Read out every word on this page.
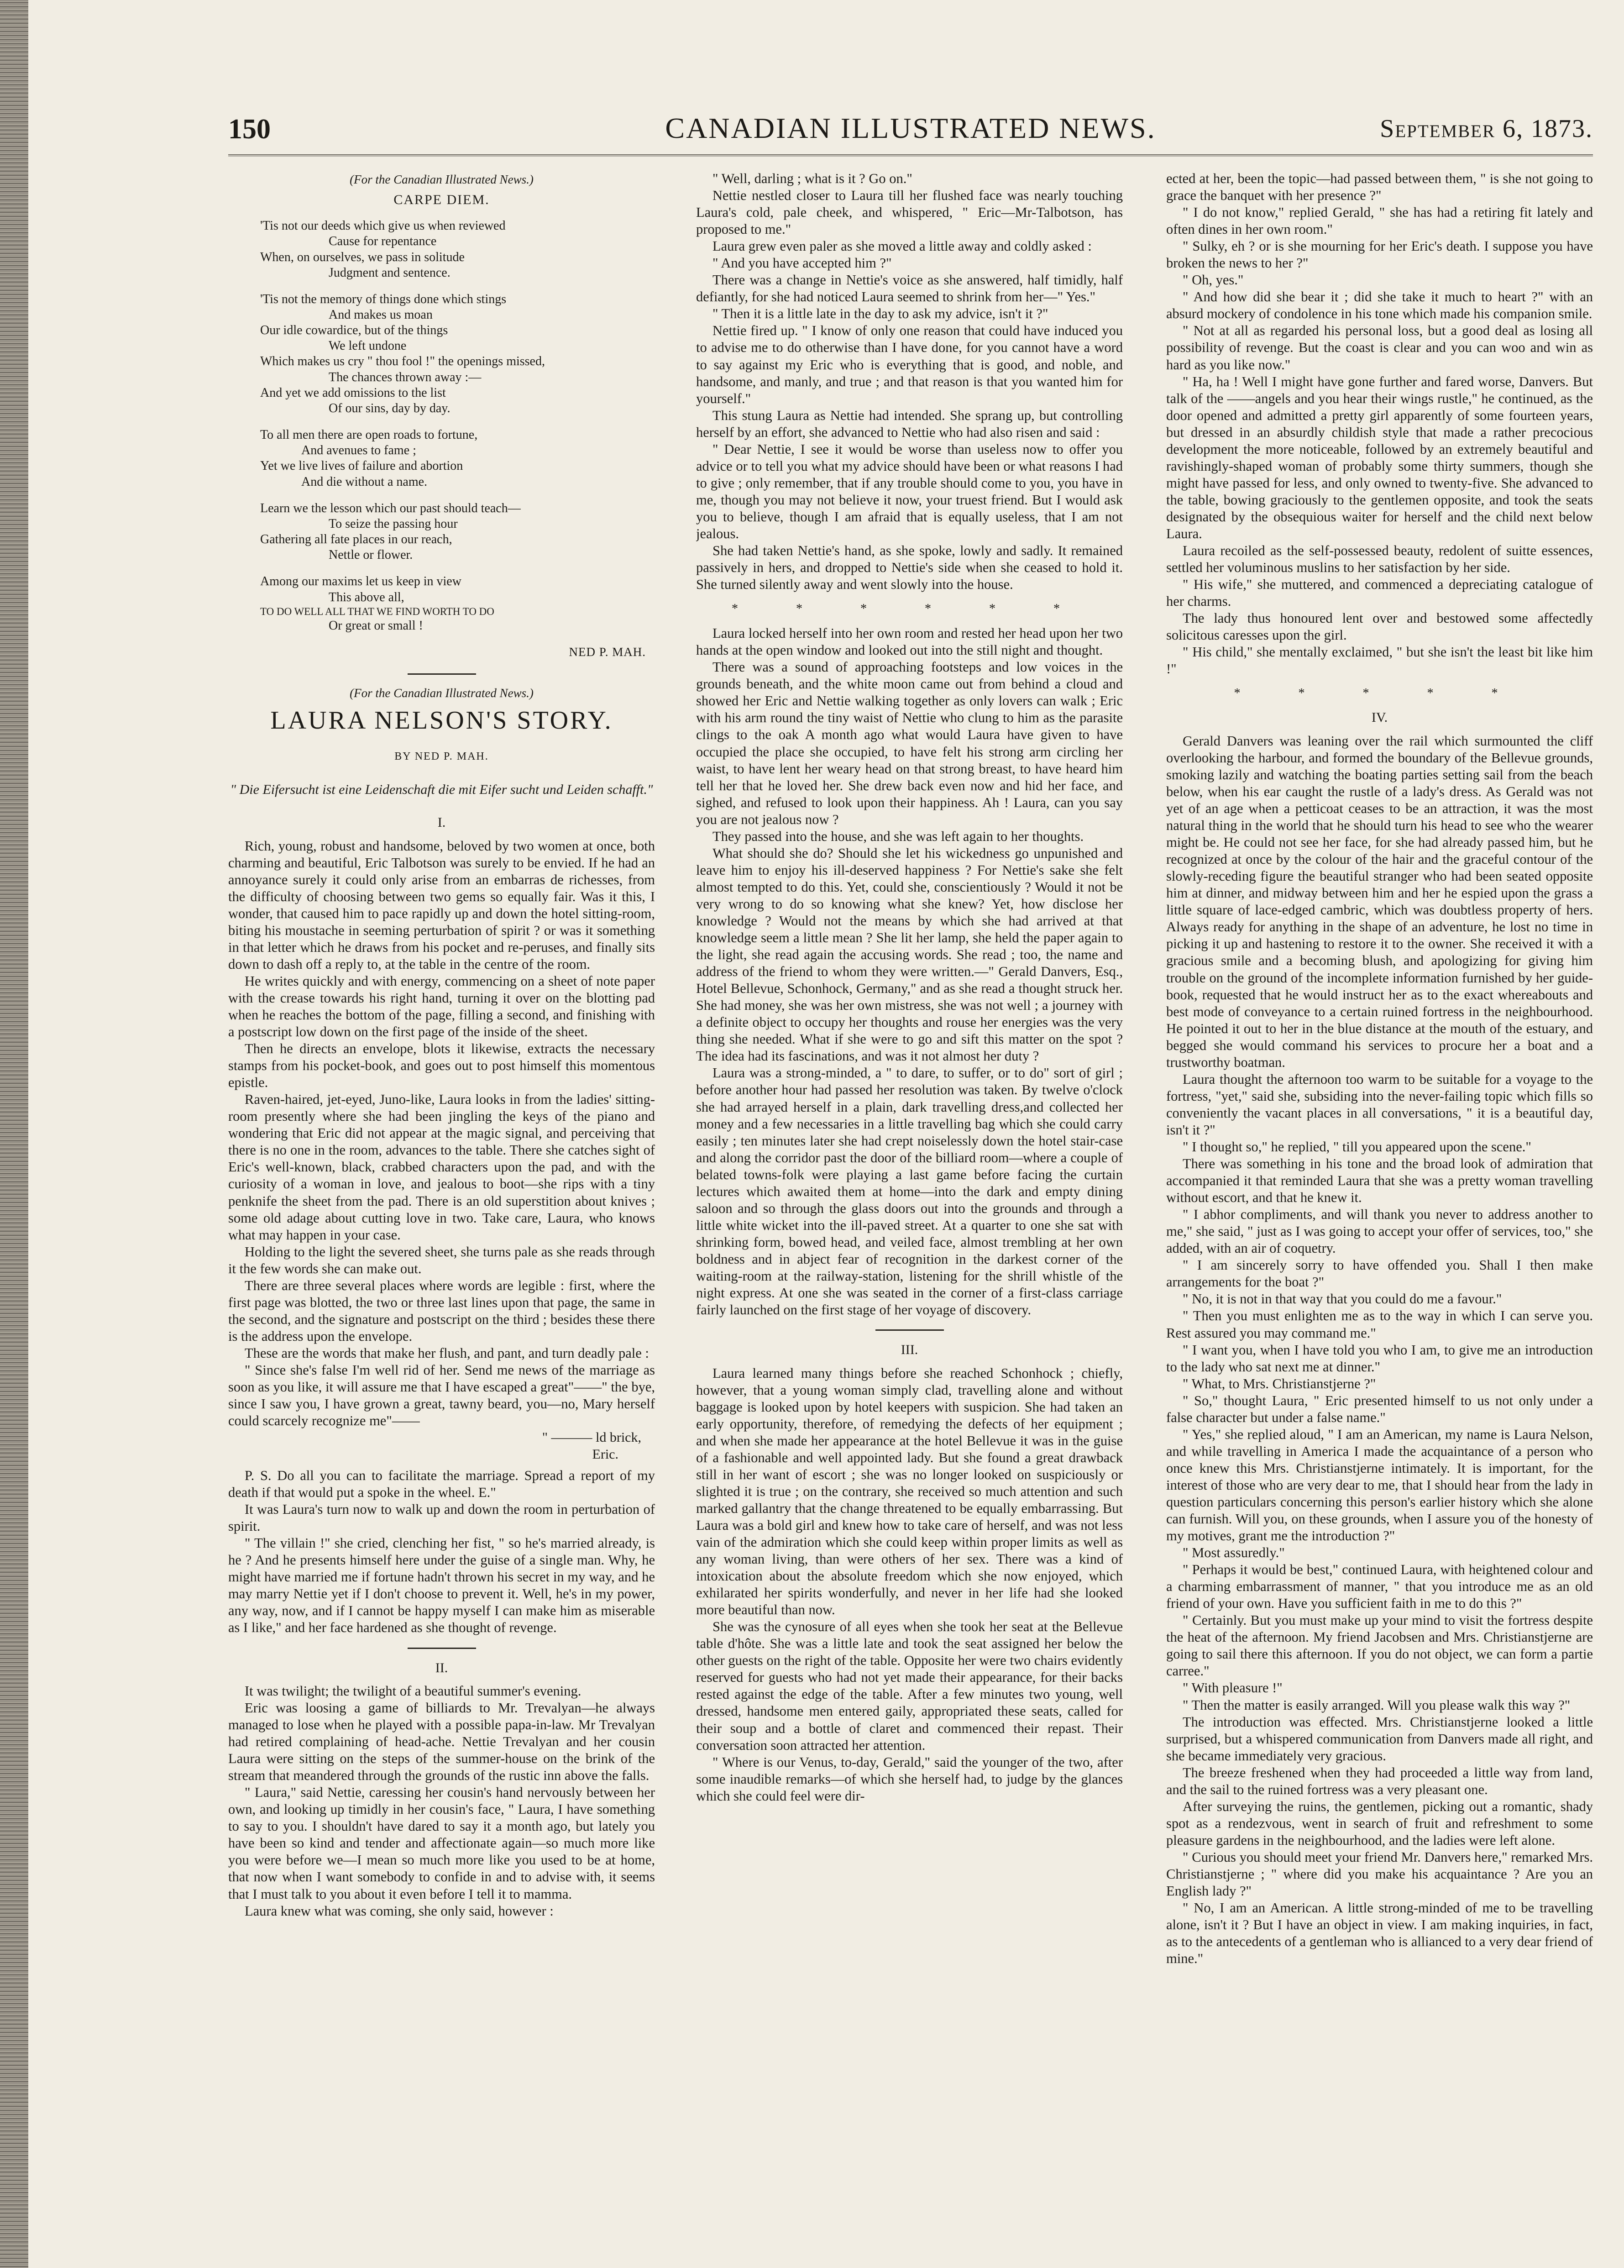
150	CANADIAN ILLUSTRATED NEWS.	September 6, 1873.
(For the Canadian Illustrated News.)
CARPE DIEM.
'Tis not our deeds which give us when reviewed
Cause for repentance
When, on ourselves, we pass in solitude
Judgment and sentence.
'Tis not the memory of things done which stings
And makes us moan
Our idle cowardice, but of the things
We left undone
Which makes us cry " thou fool !" the openings missed,
The chances thrown away :—
And yet we add omissions to the list
Of our sins, day by day.
To all men there are open roads to fortune,
And avenues to fame ;
Yet we live lives of failure and abortion
And die without a name.
Learn we the lesson which our past should teach—
To seize the passing hour
Gathering all fate places in our reach,
Nettle or flower.
Among our maxims let us keep in view
This above all,
TO DO WELL ALL THAT WE FIND WORTH TO DO
Or great or small !
NED P. MAH.
(For the Canadian Illustrated News.)
LAURA NELSON'S STORY.
BY NED P. MAH.
" Die Eifersucht ist eine Leidenschaft die mit Eifer sucht und Leiden schafft."
I.

Rich, young, robust and handsome, beloved by two women at once, both charming and beautiful, Eric Talbotson was surely to be envied. If he had an annoyance surely it could only arise from an embarras de richesses, from the difficulty of choosing between two gems so equally fair. Was it this, I wonder, that caused him to pace rapidly up and down the hotel sitting-room, biting his moustache in seeming perturbation of spirit ? or was it something in that letter which he draws from his pocket and re-peruses, and finally sits down to dash off a reply to, at the table in the centre of the room.

He writes quickly and with energy, commencing on a sheet of note paper with the crease towards his right hand, turning it over on the blotting pad when he reaches the bottom of the page, filling a second, and finishing with a postscript low down on the first page of the inside of the sheet.

Then he directs an envelope, blots it likewise, extracts the necessary stamps from his pocket-book, and goes out to post himself this momentous epistle.

Raven-haired, jet-eyed, Juno-like, Laura looks in from the ladies' sitting-room presently where she had been jingling the keys of the piano and wondering that Eric did not appear at the magic signal, and perceiving that there is no one in the room, advances to the table. There she catches sight of Eric's well-known, black, crabbed characters upon the pad, and with the curiosity of a woman in love, and jealous to boot—she rips with a tiny penknife the sheet from the pad. There is an old superstition about knives ; some old adage about cutting love in two. Take care, Laura, who knows what may happen in your case.

Holding to the light the severed sheet, she turns pale as she reads through it the few words she can make out.

There are three several places where words are legible : first, where the first page was blotted, the two or three last lines upon that page, the same in the second, and the signature and postscript on the third ; besides these there is the address upon the envelope.

These are the words that make her flush, and pant, and turn deadly pale :

" Since she's false I'm well rid of her. Send me news of the marriage as soon as you like, it will assure me that I have escaped a great"——" the bye, since I saw you, I have grown a great, tawny beard, you—no, Mary herself could scarcely recognize me"——

" ——— ld brick,
Eric.

P. S. Do all you can to facilitate the marriage. Spread a report of my death if that would put a spoke in the wheel. E."

It was Laura's turn now to walk up and down the room in perturbation of spirit.

" The villain !" she cried, clenching her fist, " so he's married already, is he ? And he presents himself here under the guise of a single man. Why, he might have married me if fortune hadn't thrown his secret in my way, and he may marry Nettie yet if I don't choose to prevent it. Well, he's in my power, any way, now, and if I cannot be happy myself I can make him as miserable as I like," and her face hardened as she thought of revenge.

II.

It was twilight; the twilight of a beautiful summer's evening.

Eric was loosing a game of billiards to Mr. Trevalyan—he always managed to lose when he played with a possible papa-in-law. Mr Trevalyan had retired complaining of head-ache. Nettie Trevalyan and her cousin Laura were sitting on the steps of the summer-house on the brink of the stream that meandered through the grounds of the rustic inn above the falls.

" Laura," said Nettie, caressing her cousin's hand nervously between her own, and looking up timidly in her cousin's face, " Laura, I have something to say to you. I shouldn't have dared to say it a month ago, but lately you have been so kind and tender and affectionate again—so much more like you were before we—I mean so much more like you used to be at home, that now when I want somebody to confide in and to advise with, it seems that I must talk to you about it even before I tell it to mamma.

Laura knew what was coming, she only said, however :

" Well, darling ; what is it ? Go on."

Nettie nestled closer to Laura till her flushed face was nearly touching Laura's cold, pale cheek, and whispered, " Eric—Mr-Talbotson, has proposed to me."

Laura grew even paler as she moved a little away and coldly asked :

" And you have accepted him ?"

There was a change in Nettie's voice as she answered, half timidly, half defiantly, for she had noticed Laura seemed to shrink from her—" Yes."

" Then it is a little late in the day to ask my advice, isn't it ?"

Nettie fired up. " I know of only one reason that could have induced you to advise me to do otherwise than I have done, for you cannot have a word to say against my Eric who is everything that is good, and noble, and handsome, and manly, and true ; and that reason is that you wanted him for yourself."

This stung Laura as Nettie had intended. She sprang up, but controlling herself by an effort, she advanced to Nettie who had also risen and said :

" Dear Nettie, I see it would be worse than useless now to offer you advice or to tell you what my advice should have been or what reasons I had to give ; only remember, that if any trouble should come to you, you have in me, though you may not believe it now, your truest friend. But I would ask you to believe, though I am afraid that is equally useless, that I am not jealous.

She had taken Nettie's hand, as she spoke, lowly and sadly. It remained passively in hers, and dropped to Nettie's side when she ceased to hold it. She turned silently away and went slowly into the house.

* * * * * *

Laura locked herself into her own room and rested her head upon her two hands at the open window and looked out into the still night and thought.

There was a sound of approaching footsteps and low voices in the grounds beneath, and the white moon came out from behind a cloud and showed her Eric and Nettie walking together as only lovers can walk ; Eric with his arm round the tiny waist of Nettie who clung to him as the parasite clings to the oak A month ago what would Laura have given to have occupied the place she occupied, to have felt his strong arm circling her waist, to have lent her weary head on that strong breast, to have heard him tell her that he loved her. She drew back even now and hid her face, and sighed, and refused to look upon their happiness. Ah ! Laura, can you say you are not jealous now ?

They passed into the house, and she was left again to her thoughts.

What should she do? Should she let his wickedness go unpunished and leave him to enjoy his ill-deserved happiness ? For Nettie's sake she felt almost tempted to do this. Yet, could she, conscientiously ? Would it not be very wrong to do so knowing what she knew? Yet, how disclose her knowledge ? Would not the means by which she had arrived at that knowledge seem a little mean ? She lit her lamp, she held the paper again to the light, she read again the accusing words. She read ; too, the name and address of the friend to whom they were written.—" Gerald Danvers, Esq., Hotel Bellevue, Schonhock, Germany," and as she read a thought struck her. She had money, she was her own mistress, she was not well ; a journey with a definite object to occupy her thoughts and rouse her energies was the very thing she needed. What if she were to go and sift this matter on the spot ? The idea had its fascinations, and was it not almost her duty ?

Laura was a strong-minded, a " to dare, to suffer, or to do" sort of girl ; before another hour had passed her resolution was taken. By twelve o'clock she had arrayed herself in a plain, dark travelling dress,and collected her money and a few necessaries in a little travelling bag which she could carry easily ; ten minutes later she had crept noiselessly down the hotel stair-case and along the corridor past the door of the billiard room—where a couple of belated towns-folk were playing a last game before facing the curtain lectures which awaited them at home—into the dark and empty dining saloon and so through the glass doors out into the grounds and through a little white wicket into the ill-paved street. At a quarter to one she sat with shrinking form, bowed head, and veiled face, almost trembling at her own boldness and in abject fear of recognition in the darkest corner of the waiting-room at the railway-station, listening for the shrill whistle of the night express. At one she was seated in the corner of a first-class carriage fairly launched on the first stage of her voyage of discovery.

III.

Laura learned many things before she reached Schonhock ; chiefly, however, that a young woman simply clad, travelling alone and without baggage is looked upon by hotel keepers with suspicion. She had taken an early opportunity, therefore, of remedying the defects of her equipment ; and when she made her appearance at the hotel Bellevue it was in the guise of a fashionable and well appointed lady. But she found a great drawback still in her want of escort ; she was no longer looked on suspiciously or slighted it is true ; on the contrary, she received so much attention and such marked gallantry that the change threatened to be equally embarrassing. But Laura was a bold girl and knew how to take care of herself, and was not less vain of the admiration which she could keep within proper limits as well as any woman living, than were others of her sex. There was a kind of intoxication about the absolute freedom which she now enjoyed, which exhilarated her spirits wonderfully, and never in her life had she looked more beautiful than now.

She was the cynosure of all eyes when she took her seat at the Bellevue table d'hôte. She was a little late and took the seat assigned her below the other guests on the right of the table. Opposite her were two chairs evidently reserved for guests who had not yet made their appearance, for their backs rested against the edge of the table. After a few minutes two young, well dressed, handsome men entered gaily, appropriated these seats, called for their soup and a bottle of claret and commenced their repast. Their conversation soon attracted her attention.

" Where is our Venus, to-day, Gerald," said the younger of the two, after some inaudible remarks—of which she herself had, to judge by the glances which she could feel were dir-

ected at her, been the topic—had passed between them, " is she not going to grace the banquet with her presence ?"

" I do not know," replied Gerald, " she has had a retiring fit lately and often dines in her own room."

" Sulky, eh ? or is she mourning for her Eric's death. I suppose you have broken the news to her ?"

" Oh, yes."

" And how did she bear it ; did she take it much to heart ?" with an absurd mockery of condolence in his tone which made his companion smile.

" Not at all as regarded his personal loss, but a good deal as losing all possibility of revenge. But the coast is clear and you can woo and win as hard as you like now."

" Ha, ha ! Well I might have gone further and fared worse, Danvers. But talk of the ——angels and you hear their wings rustle," he continued, as the door opened and admitted a pretty girl apparently of some fourteen years, but dressed in an absurdly childish style that made a rather precocious development the more noticeable, followed by an extremely beautiful and ravishingly-shaped woman of probably some thirty summers, though she might have passed for less, and only owned to twenty-five. She advanced to the table, bowing graciously to the gentlemen opposite, and took the seats designated by the obsequious waiter for herself and the child next below Laura.

Laura recoiled as the self-possessed beauty, redolent of suitte essences, settled her voluminous muslins to her satisfaction by her side.

" His wife," she muttered, and commenced a depreciating catalogue of her charms.

The lady thus honoured lent over and bestowed some affectedly solicitous caresses upon the girl.

" His child," she mentally exclaimed, " but she isn't the least bit like him !"

* * * * *
IV.

Gerald Danvers was leaning over the rail which surmounted the cliff overlooking the harbour, and formed the boundary of the Bellevue grounds, smoking lazily and watching the boating parties setting sail from the beach below, when his ear caught the rustle of a lady's dress. As Gerald was not yet of an age when a petticoat ceases to be an attraction, it was the most natural thing in the world that he should turn his head to see who the wearer might be. He could not see her face, for she had already passed him, but he recognized at once by the colour of the hair and the graceful contour of the slowly-receding figure the beautiful stranger who had been seated opposite him at dinner, and midway between him and her he espied upon the grass a little square of lace-edged cambric, which was doubtless property of hers. Always ready for anything in the shape of an adventure, he lost no time in picking it up and hastening to restore it to the owner. She received it with a gracious smile and a becoming blush, and apologizing for giving him trouble on the ground of the incomplete information furnished by her guide-book, requested that he would instruct her as to the exact whereabouts and best mode of conveyance to a certain ruined fortress in the neighbourhood. He pointed it out to her in the blue distance at the mouth of the estuary, and begged she would command his services to procure her a boat and a trustworthy boatman.

Laura thought the afternoon too warm to be suitable for a voyage to the fortress, "yet," said she, subsiding into the never-failing topic which fills so conveniently the vacant places in all conversations, " it is a beautiful day, isn't it ?"

" I thought so," he replied, " till you appeared upon the scene."

There was something in his tone and the broad look of admiration that accompanied it that reminded Laura that she was a pretty woman travelling without escort, and that he knew it.

" I abhor compliments, and will thank you never to address another to me," she said, " just as I was going to accept your offer of services, too," she added, with an air of coquetry.

" I am sincerely sorry to have offended you. Shall I then make arrangements for the boat ?"

" No, it is not in that way that you could do me a favour."

" Then you must enlighten me as to the way in which I can serve you. Rest assured you may command me."

" I want you, when I have told you who I am, to give me an introduction to the lady who sat next me at dinner."

" What, to Mrs. Christianstjerne ?"

" So," thought Laura, " Eric presented himself to us not only under a false character but under a false name."

" Yes," she replied aloud, " I am an American, my name is Laura Nelson, and while travelling in America I made the acquaintance of a person who once knew this Mrs. Christianstjerne intimately. It is important, for the interest of those who are very dear to me, that I should hear from the lady in question particulars concerning this person's earlier history which she alone can furnish. Will you, on these grounds, when I assure you of the honesty of my motives, grant me the introduction ?"

" Most assuredly."

" Perhaps it would be best," continued Laura, with heightened colour and a charming embarrassment of manner, " that you introduce me as an old friend of your own. Have you sufficient faith in me to do this ?"

" Certainly. But you must make up your mind to visit the fortress despite the heat of the afternoon. My friend Jacobsen and Mrs. Christianstjerne are going to sail there this afternoon. If you do not object, we can form a partie carree."

" With pleasure !"

" Then the matter is easily arranged. Will you please walk this way ?"

The introduction was effected. Mrs. Christianstjerne looked a little surprised, but a whispered communication from Danvers made all right, and she became immediately very gracious.

The breeze freshened when they had proceeded a little way from land, and the sail to the ruined fortress was a very pleasant one.

After surveying the ruins, the gentlemen, picking out a romantic, shady spot as a rendezvous, went in search of fruit and refreshment to some pleasure gardens in the neighbourhood, and the ladies were left alone.

" Curious you should meet your friend Mr. Danvers here," remarked Mrs. Christianstjerne ; " where did you make his acquaintance ? Are you an English lady ?"

" No, I am an American. A little strong-minded of me to be travelling alone, isn't it ? But I have an object in view. I am making inquiries, in fact, as to the antecedents of a gentleman who is allianced to a very dear friend of mine."
